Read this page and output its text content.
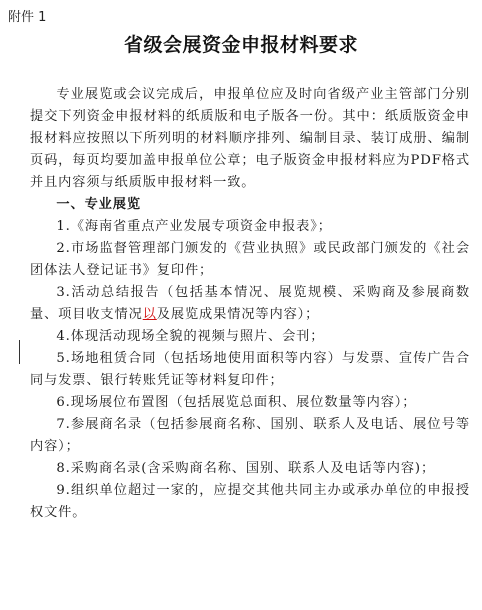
附件 1
省级会展资金申报材料要求

专业展览或会议完成后，申报单位应及时向省级产业主管部门分别提交下列资金申报材料的纸质版和电子版各一份。其中：纸质版资金申报材料应按照以下所列明的材料顺序排列、编制目录、装订成册、编制页码，每页均要加盖申报单位公章；电子版资金申报材料应为PDF格式并且内容须与纸质版申报材料一致。

一、专业展览

1.《海南省重点产业发展专项资金申报表》；

2.市场监督管理部门颁发的《营业执照》或民政部门颁发的《社会团体法人登记证书》复印件；

3.活动总结报告（包括基本情况、展览规模、采购商及参展商数量、项目收支情况以及展览成果情况等内容）；

4.体现活动现场全貌的视频与照片、会刊；

5.场地租赁合同（包括场地使用面积等内容）与发票、宣传广告合同与发票、银行转账凭证等材料复印件；

6.现场展位布置图（包括展览总面积、展位数量等内容）；

7.参展商名录（包括参展商名称、国别、联系人及电话、展位号等内容）；

8.采购商名录(含采购商名称、国别、联系人及电话等内容)；

9.组织单位超过一家的，应提交其他共同主办或承办单位的申报授权文件。
